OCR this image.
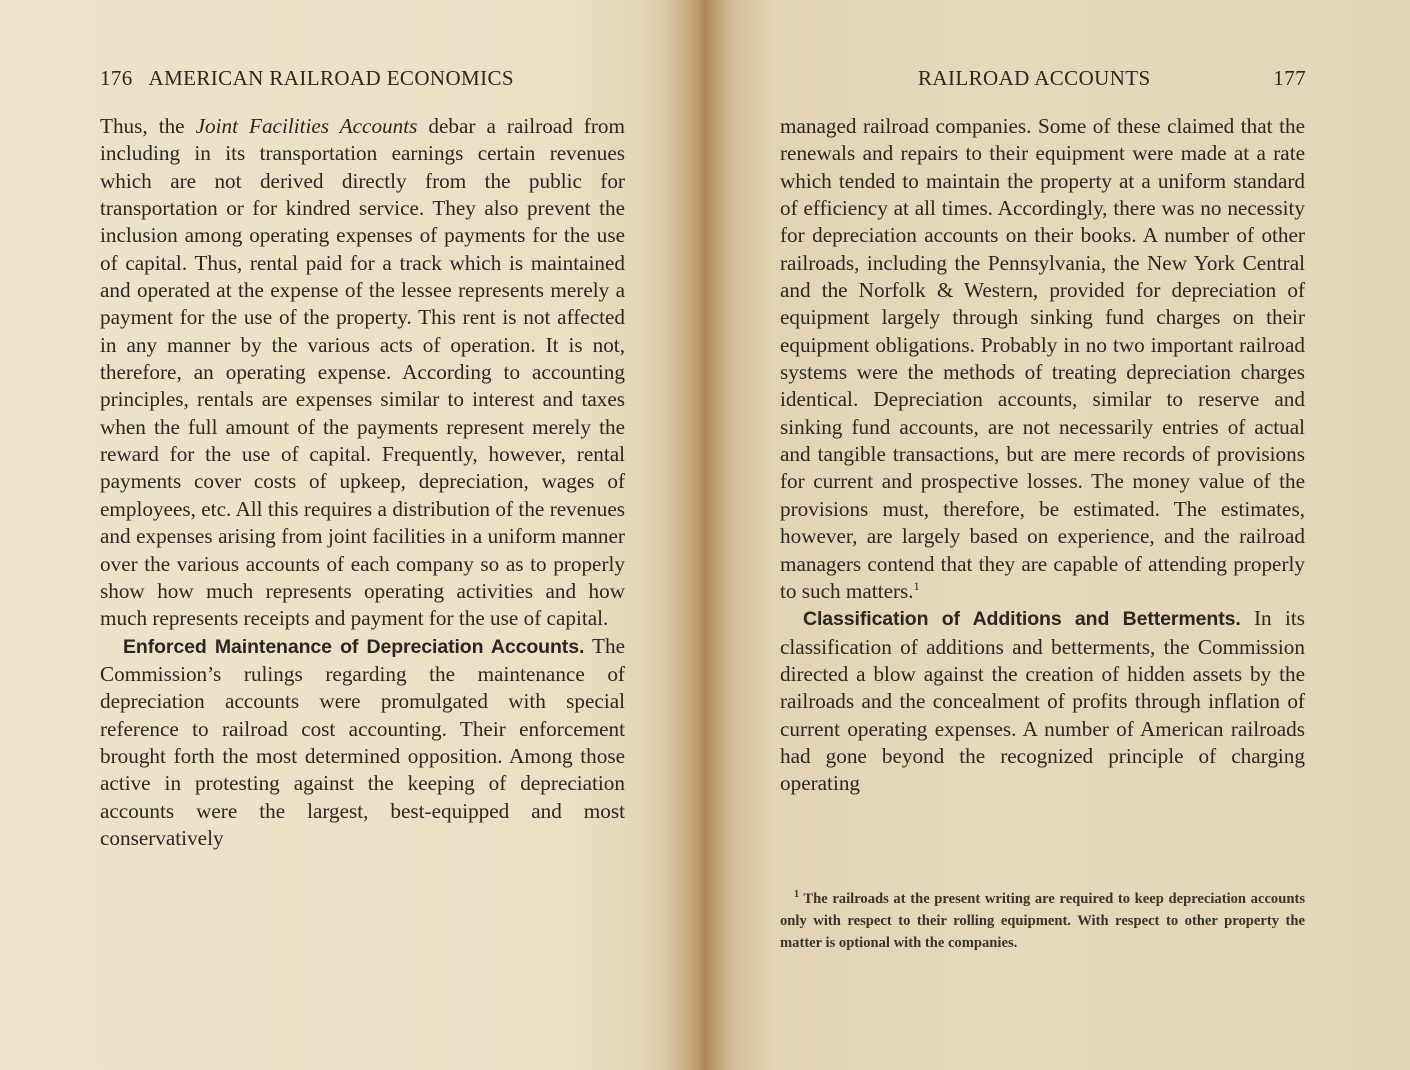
176 AMERICAN RAILROAD ECONOMICS

Thus, the Joint Facilities Accounts debar a railroad from including in its transportation earnings certain revenues which are not derived directly from the public for transportation or for kindred service. They also prevent the inclusion among operating expenses of payments for the use of capital. Thus, rental paid for a track which is maintained and operated at the expense of the lessee represents merely a payment for the use of the property. This rent is not affected in any manner by the various acts of operation. It is not, therefore, an operating expense. According to accounting principles, rentals are expenses similar to interest and taxes when the full amount of the payments represent merely the reward for the use of capital. Frequently, however, rental payments cover costs of upkeep, depreciation, wages of employees, etc. All this requires a distribution of the revenues and expenses arising from joint facilities in a uniform manner over the various accounts of each company so as to properly show how much represents operating activities and how much represents receipts and payment for the use of capital.

Enforced Maintenance of Depreciation Accounts. The Commission’s rulings regarding the maintenance of depreciation accounts were promulgated with special reference to railroad cost accounting. Their enforcement brought forth the most determined opposition. Among those active in protesting against the keeping of depreciation accounts were the largest, best-equipped and most conservatively

RAILROAD ACCOUNTS	177

managed railroad companies. Some of these claimed that the renewals and repairs to their equipment were made at a rate which tended to maintain the property at a uniform standard of efficiency at all times. Accordingly, there was no necessity for depreciation accounts on their books. A number of other railroads, including the Pennsylvania, the New York Central and the Norfolk & Western, provided for depreciation of equipment largely through sinking fund charges on their equipment obligations. Probably in no two important railroad systems were the methods of treating depreciation charges identical. Depreciation accounts, similar to reserve and sinking fund accounts, are not necessarily entries of actual and tangible transactions, but are mere records of provisions for current and prospective losses. The money value of the provisions must, therefore, be estimated. The estimates, however, are largely based on experience, and the railroad managers contend that they are capable of attending properly to such matters.$^1$

Classification of Additions and Betterments. In its classification of additions and betterments, the Commission directed a blow against the creation of hidden assets by the railroads and the concealment of profits through inflation of current operating expenses. A number of American railroads had gone beyond the recognized principle of charging operating

$^1$ The railroads at the present writing are required to keep depreciation accounts only with respect to their rolling equipment. With respect to other property the matter is optional with the companies.
